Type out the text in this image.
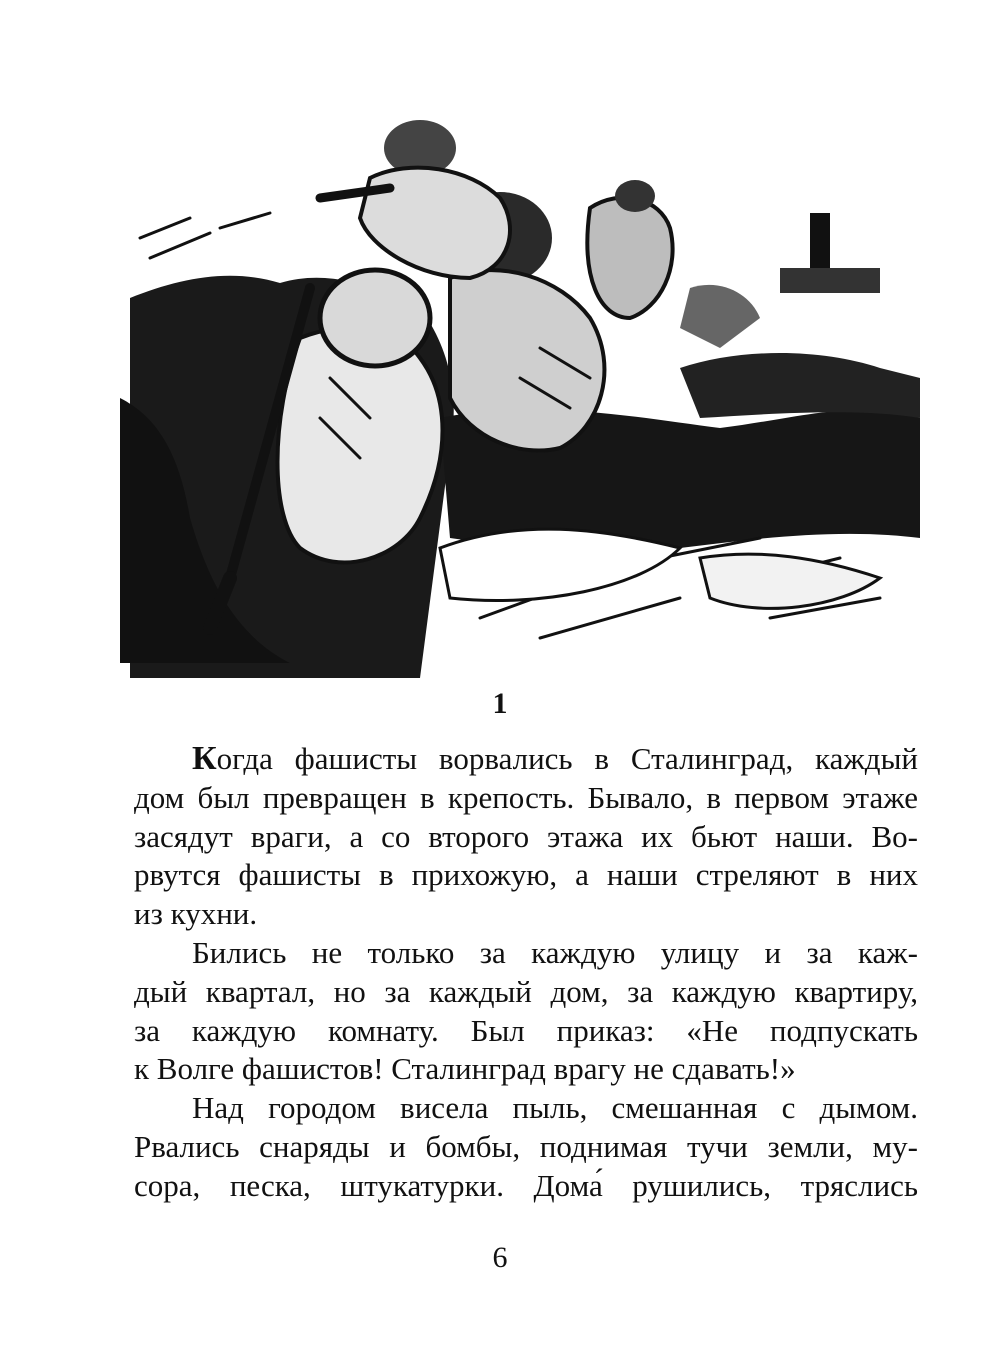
1
Когда фашисты ворвались в Сталинград, каждый
дом был превращен в крепость. Бывало, в первом этаже
засядут враги, а со второго этажа их бьют наши. Во-
рвутся фашисты в прихожую, а наши стреляют в них
из кухни.
Бились не только за каждую улицу и за каж-
дый квартал, но за каждый дом, за каждую квартиру,
за каждую комнату. Был приказ: «Не подпускать
к Волге фашистов! Сталинград врагу не сдавать!»
Над городом висела пыль, смешанная с дымом.
Рвались снаряды и бомбы, поднимая тучи земли, му-
сора, песка, штукатурки. Дома́ рушились, тряслись
6
